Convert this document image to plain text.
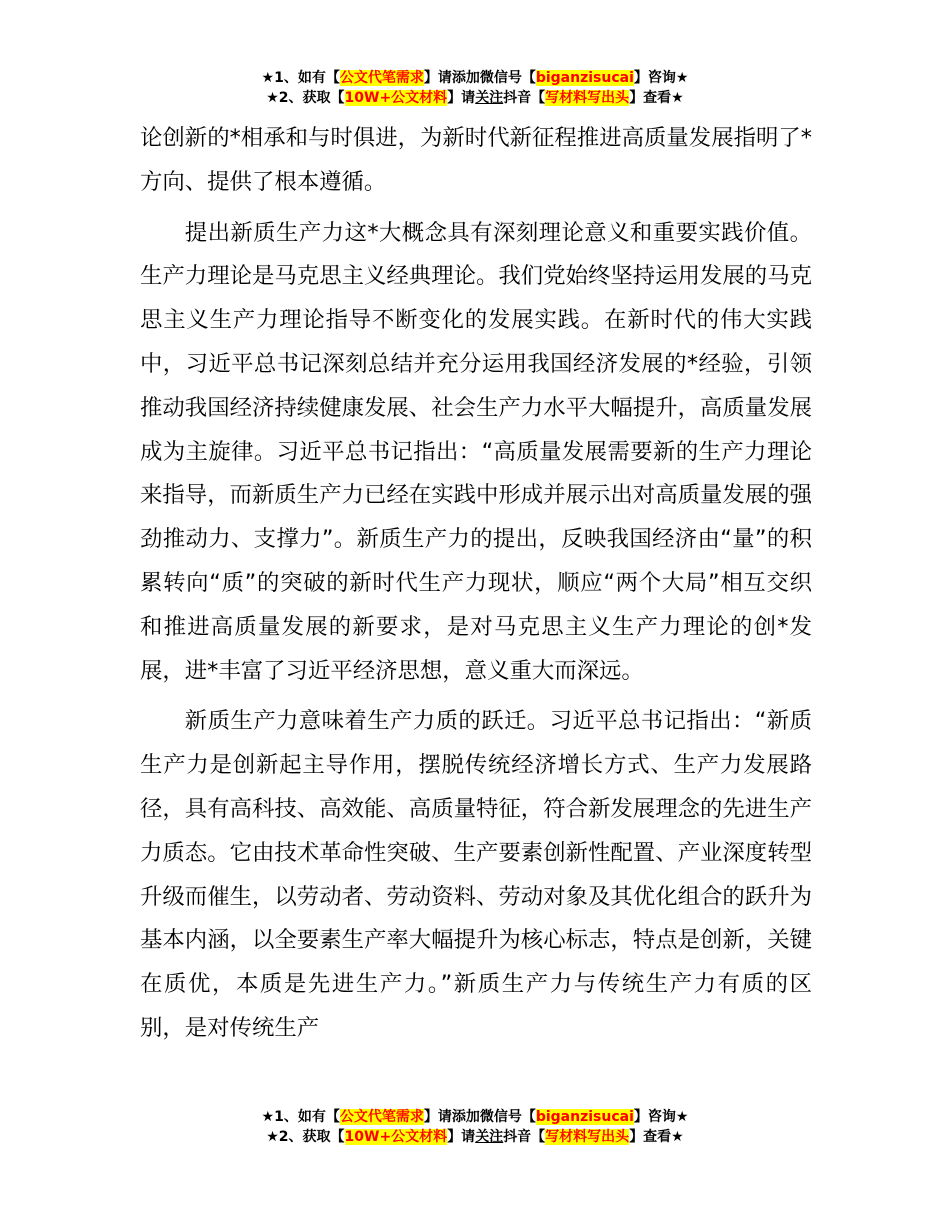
★1、如有【公文代笔需求】请添加微信号【biganzisucai】咨询★
★2、获取【10W+公文材料】请关注抖音【写材料写出头】查看★

论创新的*相承和与时俱进，为新时代新征程推进高质量发展指明了*方向、提供了根本遵循。

提出新质生产力这*大概念具有深刻理论意义和重要实践价值。生产力理论是马克思主义经典理论。我们党始终坚持运用发展的马克思主义生产力理论指导不断变化的发展实践。在新时代的伟大实践中，习近平总书记深刻总结并充分运用我国经济发展的*经验，引领推动我国经济持续健康发展、社会生产力水平大幅提升，高质量发展成为主旋律。习近平总书记指出：“高质量发展需要新的生产力理论来指导，而新质生产力已经在实践中形成并展示出对高质量发展的强劲推动力、支撑力”。新质生产力的提出，反映我国经济由“量”的积累转向“质”的突破的新时代生产力现状，顺应“两个大局”相互交织和推进高质量发展的新要求，是对马克思主义生产力理论的创*发展，进*丰富了习近平经济思想，意义重大而深远。

新质生产力意味着生产力质的跃迁。习近平总书记指出：“新质生产力是创新起主导作用，摆脱传统经济增长方式、生产力发展路径，具有高科技、高效能、高质量特征，符合新发展理念的先进生产力质态。它由技术革命性突破、生产要素创新性配置、产业深度转型升级而催生，以劳动者、劳动资料、劳动对象及其优化组合的跃升为基本内涵，以全要素生产率大幅提升为核心标志，特点是创新，关键在质优，本质是先进生产力。”新质生产力与传统生产力有质的区别，是对传统生产

★1、如有【公文代笔需求】请添加微信号【biganzisucai】咨询★
★2、获取【10W+公文材料】请关注抖音【写材料写出头】查看★
